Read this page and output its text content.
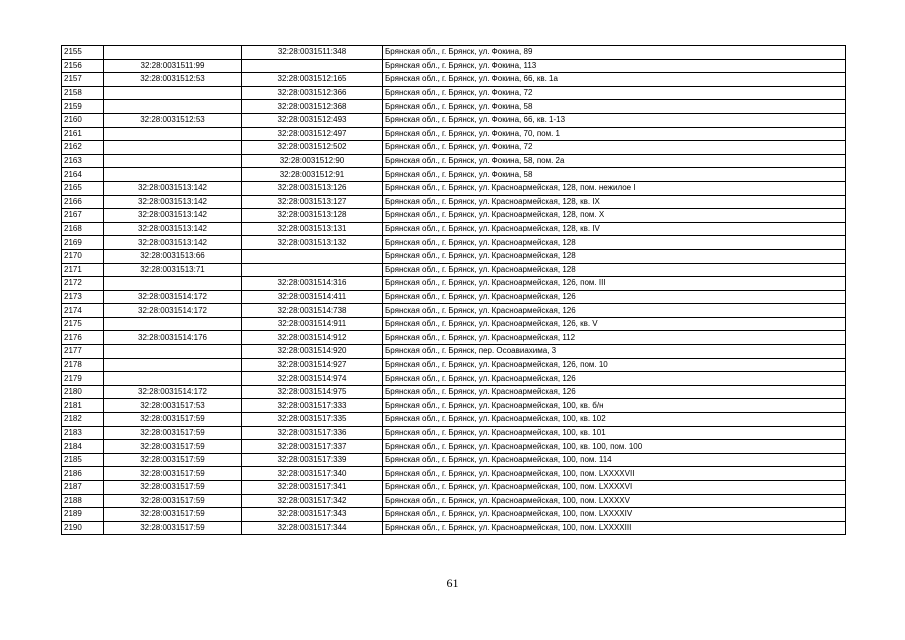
2155		32:28:0031511:348	Брянская обл., г. Брянск, ул. Фокина, 89
2156	32:28:0031511:99		Брянская обл., г. Брянск, ул. Фокина, 113
2157	32:28:0031512:53	32:28:0031512:165	Брянская обл., г. Брянск, ул. Фокина, 66, кв. 1а
2158		32:28:0031512:366	Брянская обл., г. Брянск, ул. Фокина, 72
2159		32:28:0031512:368	Брянская обл., г. Брянск, ул. Фокина, 58
2160	32:28:0031512:53	32:28:0031512:493	Брянская обл., г. Брянск, ул. Фокина, 66, кв. 1-13
2161		32:28:0031512:497	Брянская обл., г. Брянск, ул. Фокина, 70, пом. 1
2162		32:28:0031512:502	Брянская обл., г. Брянск, ул. Фокина, 72
2163		32:28:0031512:90	Брянская обл., г. Брянск, ул. Фокина, 58, пом. 2а
2164		32:28:0031512:91	Брянская обл., г. Брянск, ул. Фокина, 58
2165	32:28:0031513:142	32:28:0031513:126	Брянская обл., г. Брянск, ул. Красноармейская, 128, пом. нежилое I
2166	32:28:0031513:142	32:28:0031513:127	Брянская обл., г. Брянск, ул. Красноармейская, 128, кв. IX
2167	32:28:0031513:142	32:28:0031513:128	Брянская обл., г. Брянск, ул. Красноармейская, 128, пом. X
2168	32:28:0031513:142	32:28:0031513:131	Брянская обл., г. Брянск, ул. Красноармейская, 128, кв. IV
2169	32:28:0031513:142	32:28:0031513:132	Брянская обл., г. Брянск, ул. Красноармейская, 128
2170	32:28:0031513:66		Брянская обл., г. Брянск, ул. Красноармейская, 128
2171	32:28:0031513:71		Брянская обл., г. Брянск, ул. Красноармейская, 128
2172		32:28:0031514:316	Брянская обл., г. Брянск, ул. Красноармейская, 126, пом. III
2173	32:28:0031514:172	32:28:0031514:411	Брянская обл., г. Брянск, ул. Красноармейская, 126
2174	32:28:0031514:172	32:28:0031514:738	Брянская обл., г. Брянск, ул. Красноармейская, 126
2175		32:28:0031514:911	Брянская обл., г. Брянск, ул. Красноармейская, 126, кв. V
2176	32:28:0031514:176	32:28:0031514:912	Брянская обл., г. Брянск, ул. Красноармейская, 112
2177		32:28:0031514:920	Брянская обл., г. Брянск, пер. Осоавиахима, 3
2178		32:28:0031514:927	Брянская обл., г. Брянск, ул. Красноармейская, 126, пом. 10
2179		32:28:0031514:974	Брянская обл., г. Брянск, ул. Красноармейская, 126
2180	32:28:0031514:172	32:28:0031514:975	Брянская обл., г. Брянск, ул. Красноармейская, 126
2181	32:28:0031517:53	32:28:0031517:333	Брянская обл., г. Брянск, ул. Красноармейская, 100, кв. б/н
2182	32:28:0031517:59	32:28:0031517:335	Брянская обл., г. Брянск, ул. Красноармейская, 100, кв. 102
2183	32:28:0031517:59	32:28:0031517:336	Брянская обл., г. Брянск, ул. Красноармейская, 100, кв. 101
2184	32:28:0031517:59	32:28:0031517:337	Брянская обл., г. Брянск, ул. Красноармейская, 100, кв. 100, пом. 100
2185	32:28:0031517:59	32:28:0031517:339	Брянская обл., г. Брянск, ул. Красноармейская, 100, пом. 114
2186	32:28:0031517:59	32:28:0031517:340	Брянская обл., г. Брянск, ул. Красноармейская, 100, пом. LXXXXVII
2187	32:28:0031517:59	32:28:0031517:341	Брянская обл., г. Брянск, ул. Красноармейская, 100, пом. LXXXXVI
2188	32:28:0031517:59	32:28:0031517:342	Брянская обл., г. Брянск, ул. Красноармейская, 100, пом. LXXXXV
2189	32:28:0031517:59	32:28:0031517:343	Брянская обл., г. Брянск, ул. Красноармейская, 100, пом. LXXXXIV
2190	32:28:0031517:59	32:28:0031517:344	Брянская обл., г. Брянск, ул. Красноармейская, 100, пом. LXXXXIII
61
